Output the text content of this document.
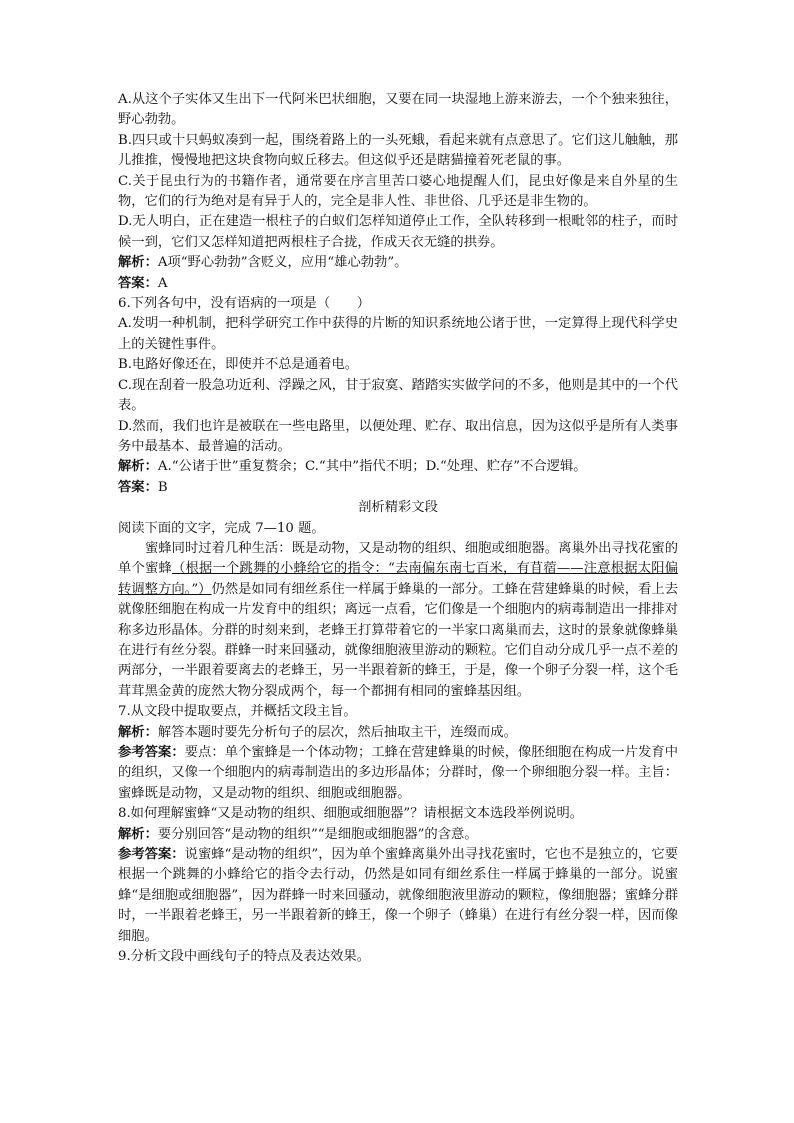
A.从这个子实体又生出下一代阿米巴状细胞，又要在同一块湿地上游来游去，一个个独来独往，野心勃勃。

B.四只或十只蚂蚁凑到一起，围绕着路上的一头死蛾，看起来就有点意思了。它们这儿触触，那儿推推，慢慢地把这块食物向蚁丘移去。但这似乎还是瞎猫撞着死老鼠的事。

C.关于昆虫行为的书籍作者，通常要在序言里苦口婆心地提醒人们，昆虫好像是来自外星的生物，它们的行为绝对是有异于人的，完全是非人性、非世俗、几乎还是非生物的。

D.无人明白，正在建造一根柱子的白蚁们怎样知道停止工作，全队转移到一根毗邻的柱子，而时候一到，它们又怎样知道把两根柱子合拢，作成天衣无缝的拱券。

解析：A项“野心勃勃”含贬义，应用“雄心勃勃”。

答案：A

6.下列各句中，没有语病的一项是（　　）

A.发明一种机制，把科学研究工作中获得的片断的知识系统地公诸于世，一定算得上现代科学史上的关键性事件。

B.电路好像还在，即使并不总是通着电。

C.现在刮着一股急功近利、浮躁之风，甘于寂寞、踏踏实实做学问的不多，他则是其中的一个代表。

D.然而，我们也许是被联在一些电路里，以便处理、贮存、取出信息，因为这似乎是所有人类事务中最基本、最普遍的活动。

解析：A.“公诸于世”重复赘余；C.“其中”指代不明；D.“处理、贮存”不合逻辑。

答案：B

剖析精彩文段

阅读下面的文字，完成 7—10 题。

蜜蜂同时过着几种生活：既是动物，又是动物的组织、细胞或细胞器。离巢外出寻找花蜜的单个蜜蜂（根据一个跳舞的小蜂给它的指令：“去南偏东南七百米，有苜蓿——注意根据太阳偏转调整方向。”）仍然是如同有细丝系住一样属于蜂巢的一部分。工蜂在营建蜂巢的时候，看上去就像胚细胞在构成一片发育中的组织；离远一点看，它们像是一个细胞内的病毒制造出一排排对称多边形晶体。分群的时刻来到，老蜂王打算带着它的一半家口离巢而去，这时的景象就像蜂巢在进行有丝分裂。群蜂一时来回骚动，就像细胞液里游动的颗粒。它们自动分成几乎一点不差的两部分，一半跟着要离去的老蜂王，另一半跟着新的蜂王，于是，像一个卵子分裂一样，这个毛茸茸黑金黄的庞然大物分裂成两个，每一个都拥有相同的蜜蜂基因组。

7.从文段中提取要点，并概括文段主旨。

解析：解答本题时要先分析句子的层次，然后抽取主干，连缀而成。

参考答案：要点：单个蜜蜂是一个体动物；工蜂在营建蜂巢的时候，像胚细胞在构成一片发育中的组织，又像一个细胞内的病毒制造出的多边形晶体；分群时，像一个卵细胞分裂一样。主旨：蜜蜂既是动物，又是动物的组织、细胞或细胞器。

8.如何理解蜜蜂“又是动物的组织、细胞或细胞器”？请根据文本选段举例说明。

解析：要分别回答“是动物的组织”“是细胞或细胞器”的含意。

参考答案：说蜜蜂“是动物的组织”，因为单个蜜蜂离巢外出寻找花蜜时，它也不是独立的，它要根据一个跳舞的小蜂给它的指令去行动，仍然是如同有细丝系住一样属于蜂巢的一部分。说蜜蜂“是细胞或细胞器”，因为群蜂一时来回骚动，就像细胞液里游动的颗粒，像细胞器；蜜蜂分群时，一半跟着老蜂王，另一半跟着新的蜂王，像一个卵子（蜂巢）在进行有丝分裂一样，因而像细胞。

9.分析文段中画线句子的特点及表达效果。
